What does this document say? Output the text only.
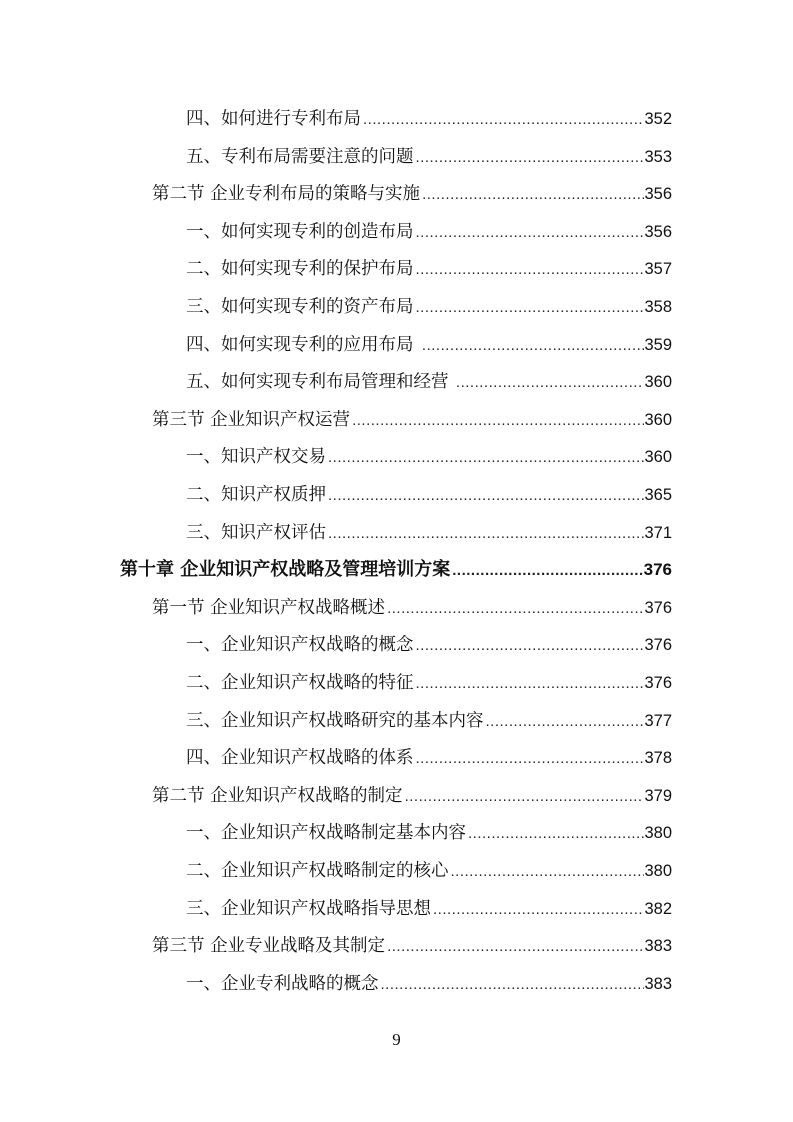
四、如何进行专利布局 .....	352
五、专利布局需要注意的问题 .....	353
第二节 企业专利布局的策略与实施 .....	356
一、如何实现专利的创造布局 .....	356
二、如何实现专利的保护布局 .....	357
三、如何实现专利的资产布局 .....	358
四、如何实现专利的应用布局 .....	359
五、如何实现专利布局管理和经营 .....	360
第三节 企业知识产权运营 .....	360
一、知识产权交易 .....	360
二、知识产权质押 .....	365
三、知识产权评估 .....	371
第十章 企业知识产权战略及管理培训方案 .....	376
第一节 企业知识产权战略概述 .....	376
一、企业知识产权战略的概念 .....	376
二、企业知识产权战略的特征 .....	376
三、企业知识产权战略研究的基本内容 .....	377
四、企业知识产权战略的体系 .....	378
第二节 企业知识产权战略的制定 .....	379
一、企业知识产权战略制定基本内容 .....	380
二、企业知识产权战略制定的核心 .....	380
三、企业知识产权战略指导思想 .....	382
第三节 企业专业战略及其制定 .....	383
一、企业专利战略的概念 .....	383
9
